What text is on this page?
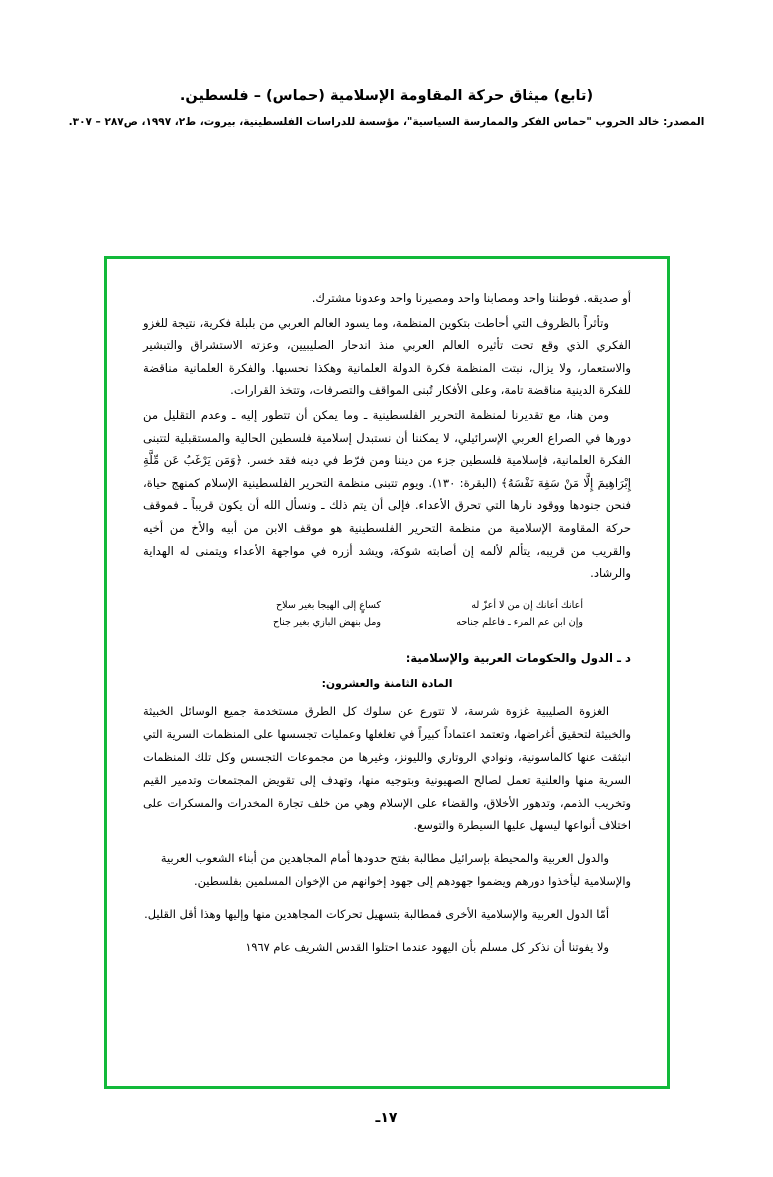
(تابع) ميثاق حركة المقاومة الإسلامية (حماس) – فلسطين.
المصدر: خالد الحروب "حماس الفكر والممارسة السياسية"، مؤسسة للدراسات الفلسطينية، بيروت، ط٢، ١٩٩٧، ص٢٨٧ – ٣٠٧.

أو صديقه. فوطننا واحد ومصابنا واحد ومصيرنا واحد وعدونا مشترك.

وتأثراً بالظروف التي أحاطت بتكوين المنظمة، وما يسود العالم العربي من بلبلة فكرية، نتيجة للغزو الفكري الذي وقع تحت تأثيره العالم العربي منذ اندحار الصليبيين، وعزته الاستشراق والتبشير والاستعمار، ولا يزال، نبتت المنظمة فكرة الدولة العلمانية وهكذا نحسبها. والفكرة العلمانية مناقضة للفكرة الدينية مناقضة تامة، وعلى الأفكار تُبنى المواقف والتصرفات، وتتخذ القرارات.

ومن هنا، مع تقديرنا لمنظمة التحرير الفلسطينية ـ وما يمكن أن تتطور إليه ـ وعدم التقليل من دورها في الصراع العربي الإسرائيلي، لا يمكننا أن نستبدل إسلامية فلسطين الحالية والمستقبلية لتتبنى الفكرة العلمانية، فإسلامية فلسطين جزء من ديننا ومن فرّط في دينه فقد خسر. ﴿وَمَن يَرْغَبُ عَن مِّلَّةِ إِبْرَاهِيمَ إِلَّا مَنْ سَفِهَ نَفْسَهُ﴾ (البقرة: ١٣٠). ويوم تتبنى منظمة التحرير الفلسطينية الإسلام كمنهج حياة، فنحن جنودها ووقود نارها التي تحرق الأعداء. فإلى أن يتم ذلك ـ ونسأل الله أن يكون قريباً ـ فموقف حركة المقاومة الإسلامية من منظمة التحرير الفلسطينية هو موقف الابن من أبيه والأخ من أخيه والقريب من قريبه، يتألم لألمه إن أصابته شوكة، ويشد أزره في مواجهة الأعداء ويتمنى له الهداية والرشاد.

أعانك أعانك إن من لا أعزّ له
كساعٍ إلى الهيجا بغير سلاح
وإن ابن عم المرء ـ فاعلم جناحه
ومل بنهض البازي بغير جناح
د ـ الدول والحكومات العربية والإسلامية:
المادة الثامنة والعشرون:

الغزوة الصليبية غزوة شرسة، لا تتورع عن سلوك كل الطرق مستخدمة جميع الوسائل الخبيثة والخبيثة لتحقيق أغراضها، وتعتمد اعتماداً كبيراً في تغلغلها وعمليات تجسسها على المنظمات السرية التي انبثقت عنها كالماسونية، ونوادي الروتاري والليونز، وغيرها من مجموعات التجسس وكل تلك المنظمات السرية منها والعلنية تعمل لصالح الصهيونية وبتوجيه منها، وتهدف إلى تقويض المجتمعات وتدمير القيم وتخريب الذمم، وتدهور الأخلاق، والقضاء على الإسلام وهي من خلف تجارة المخدرات والمسكرات على اختلاف أنواعها ليسهل عليها السيطرة والتوسع.

والدول العربية والمحيطة بإسرائيل مطالبة بفتح حدودها أمام المجاهدين من أبناء الشعوب العربية والإسلامية ليأخذوا دورهم ويضموا جهودهم إلى جهود إخوانهم من الإخوان المسلمين بفلسطين.

أمّا الدول العربية والإسلامية الأخرى فمطالبة بتسهيل تحركات المجاهدين منها وإليها وهذا أقل القليل.

ولا يفوتنا أن نذكر كل مسلم بأن اليهود عندما احتلوا القدس الشريف عام ١٩٦٧

١٧ـ
